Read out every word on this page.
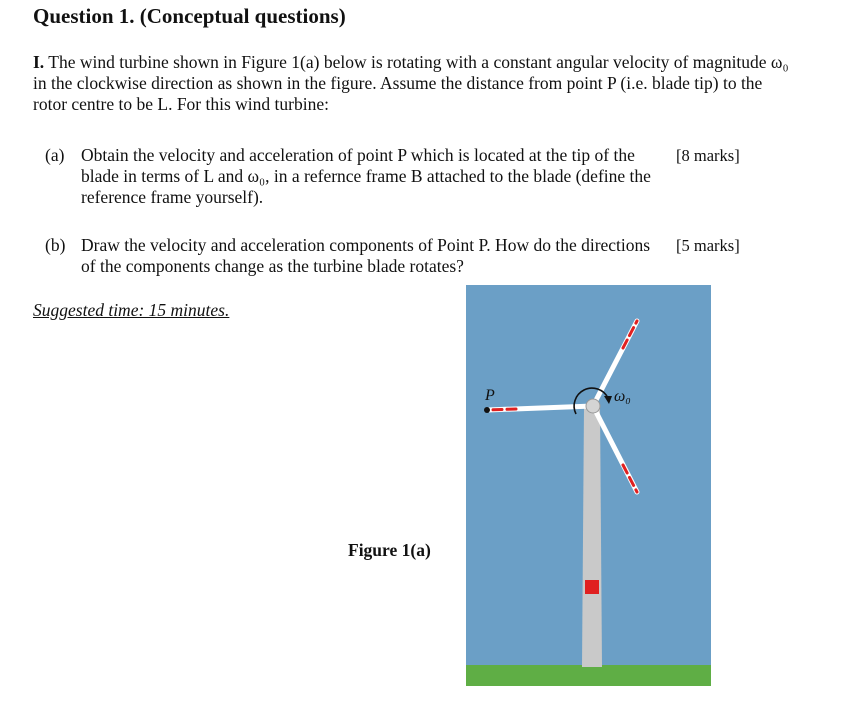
Question 1. (Conceptual questions)
I. The wind turbine shown in Figure 1(a) below is rotating with a constant angular velocity of magnitude ω₀ in the clockwise direction as shown in the figure. Assume the distance from point P (i.e. blade tip) to the rotor centre to be L. For this wind turbine:
(a) Obtain the velocity and acceleration of point P which is located at the tip of the blade in terms of L and ω₀, in a refernce frame B attached to the blade (define the reference frame yourself).
[8 marks]
(b) Draw the velocity and acceleration components of Point P. How do the directions of the components change as the turbine blade rotates?
[5 marks]
Suggested time: 15 minutes.
Figure 1(a)
ω₀
P
